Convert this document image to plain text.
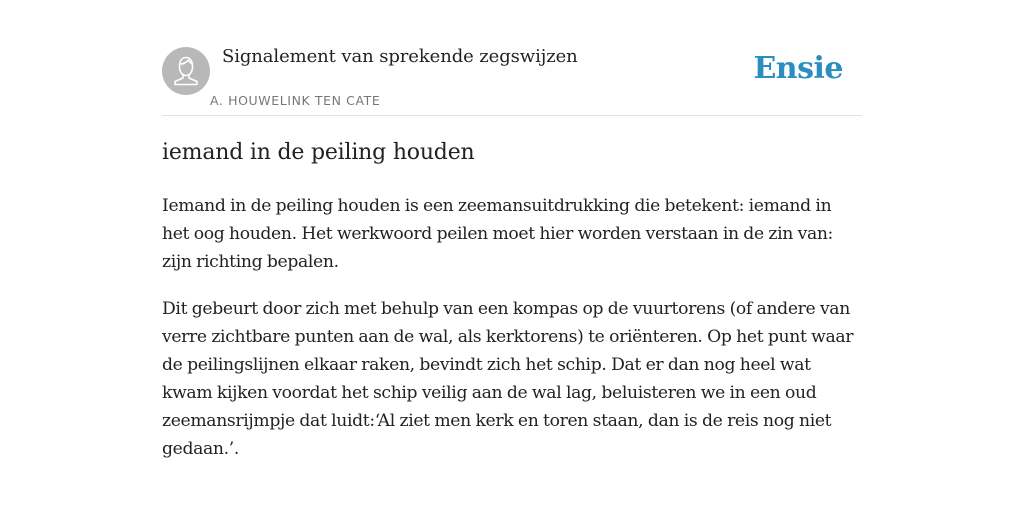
Signalement van sprekende zegswijzen
A. HOUWELINK TEN CATE
Ensie
iemand in de peiling houden

Iemand in de peiling houden is een zeemansuitdrukking die betekent: iemand in het oog houden. Het werkwoord peilen moet hier worden verstaan in de zin van: zijn richting bepalen.

Dit gebeurt door zich met behulp van een kompas op de vuurtorens (of andere van verre zichtbare punten aan de wal, als kerktorens) te oriënteren. Op het punt waar de peilingslijnen elkaar raken, bevindt zich het schip. Dat er dan nog heel wat kwam kijken voordat het schip veilig aan de wal lag, beluisteren we in een oud zeemansrijmpje dat luidt:‘Al ziet men kerk en toren staan, dan is de reis nog niet gedaan.’.
